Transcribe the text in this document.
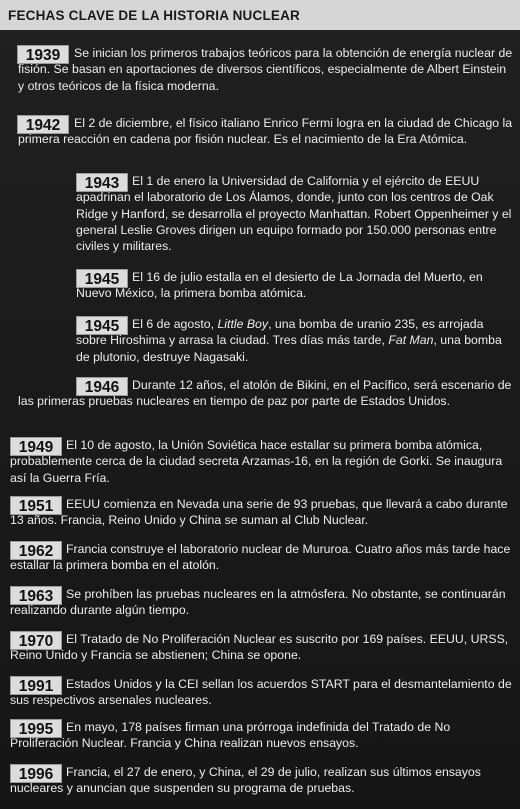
FECHAS CLAVE DE LA HISTORIA NUCLEAR
1939	Se inician los primeros trabajos teóricos para la obtención de energía nuclear de fisión. Se basan en aportaciones de diversos científicos, especialmente de Albert Einstein y otros teóricos de la física moderna.
1942	El 2 de diciembre, el físico italiano Enrico Fermi logra en la ciudad de Chicago la primera reacción en cadena por fisión nuclear. Es el nacimiento de la Era Atómica.
1943	El 1 de enero la Universidad de California y el ejército de EEUU apadrinan el laboratorio de Los Álamos, donde, junto con los centros de Oak Ridge y Hanford, se desarrolla el proyecto Manhattan. Robert Oppenheimer y el general Leslie Groves dirigen un equipo formado por 150.000 personas entre civiles y militares.
1945	El 16 de julio estalla en el desierto de La Jornada del Muerto, en Nuevo México, la primera bomba atómica.
1945	El 6 de agosto, Little Boy, una bomba de uranio 235, es arrojada sobre Hiroshima y arrasa la ciudad. Tres días más tarde, Fat Man, una bomba de plutonio, destruye Nagasaki.
1946	Durante 12 años, el atolón de Bikini, en el Pacífico, será escenario de las primeras pruebas nucleares en tiempo de paz por parte de Estados Unidos.
1949	El 10 de agosto, la Unión Soviética hace estallar su primera bomba atómica, probablemente cerca de la ciudad secreta Arzamas-16, en la región de Gorki. Se inaugura así la Guerra Fría.
1951	EEUU comienza en Nevada una serie de 93 pruebas, que llevará a cabo durante 13 años. Francia, Reino Unido y China se suman al Club Nuclear.
1962	Francia construye el laboratorio nuclear de Mururoa. Cuatro años más tarde hace estallar la primera bomba en el atolón.
1963	Se prohíben las pruebas nucleares en la atmósfera. No obstante, se continuarán realizando durante algún tiempo.
1970	El Tratado de No Proliferación Nuclear es suscrito por 169 países. EEUU, URSS, Reino Unido y Francia se abstienen; China se opone.
1991	Estados Unidos y la CEI sellan los acuerdos START para el desmantelamiento de sus respectivos arsenales nucleares.
1995	En mayo, 178 países firman una prórroga indefinida del Tratado de No Proliferación Nuclear. Francia y China realizan nuevos ensayos.
1996	Francia, el 27 de enero, y China, el 29 de julio, realizan sus últimos ensayos nucleares y anuncian que suspenden su programa de pruebas.
